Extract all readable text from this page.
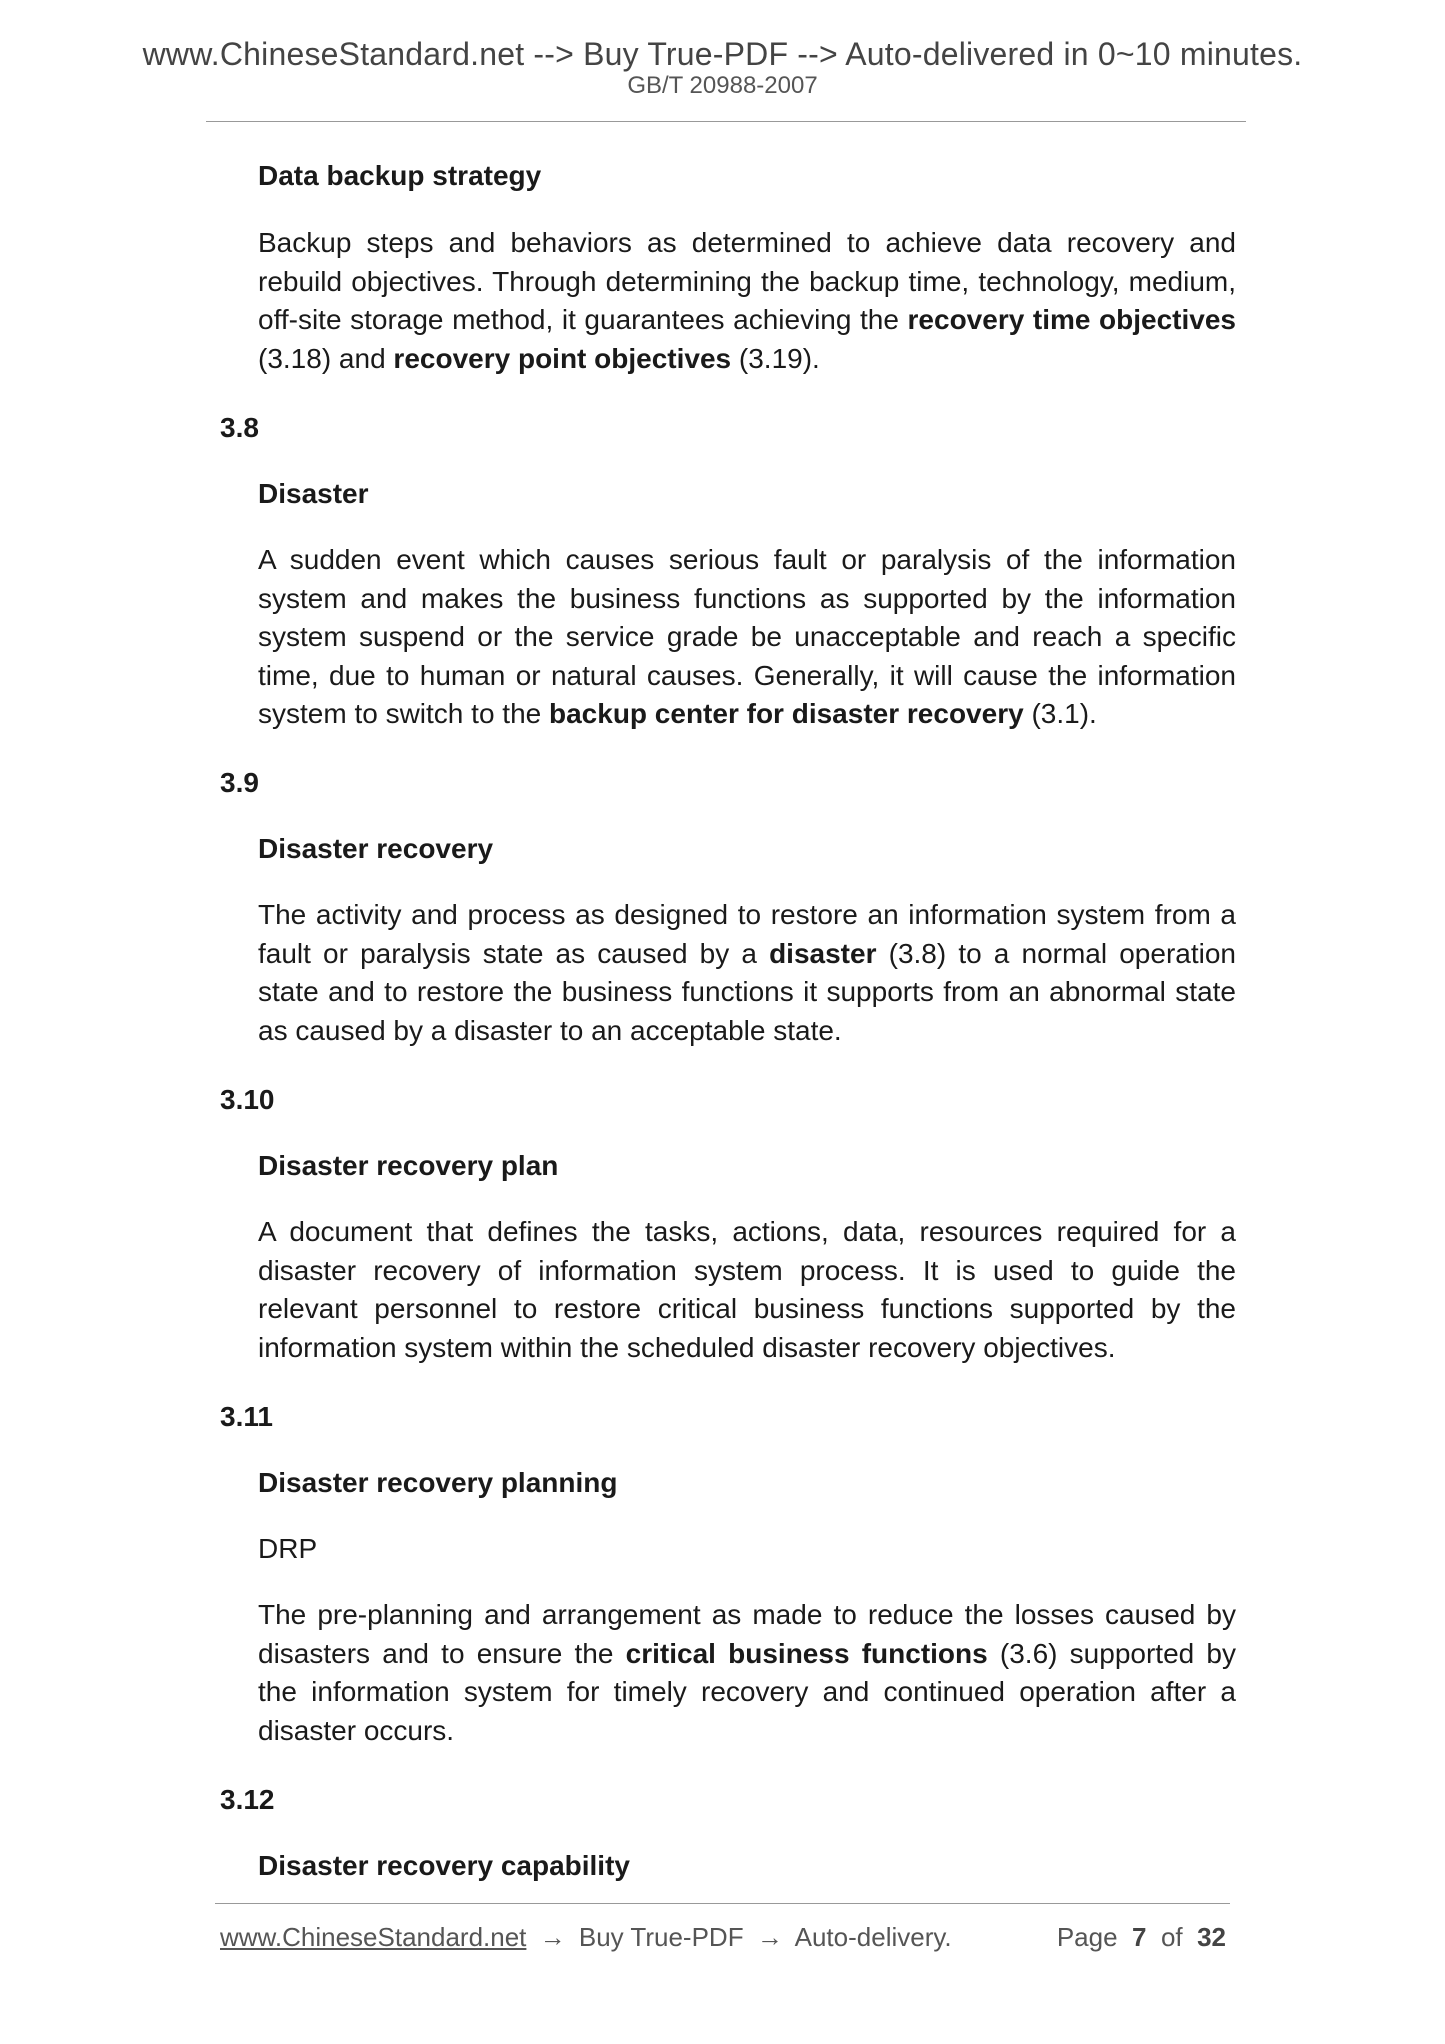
www.ChineseStandard.net --> Buy True-PDF --> Auto-delivered in 0~10 minutes.
GB/T 20988-2007
Data backup strategy
Backup steps and behaviors as determined to achieve data recovery and rebuild objectives. Through determining the backup time, technology, medium, off-site storage method, it guarantees achieving the recovery time objectives (3.18) and recovery point objectives (3.19).
3.8
Disaster
A sudden event which causes serious fault or paralysis of the information system and makes the business functions as supported by the information system suspend or the service grade be unacceptable and reach a specific time, due to human or natural causes. Generally, it will cause the information system to switch to the backup center for disaster recovery (3.1).
3.9
Disaster recovery
The activity and process as designed to restore an information system from a fault or paralysis state as caused by a disaster (3.8) to a normal operation state and to restore the business functions it supports from an abnormal state as caused by a disaster to an acceptable state.
3.10
Disaster recovery plan
A document that defines the tasks, actions, data, resources required for a disaster recovery of information system process. It is used to guide the relevant personnel to restore critical business functions supported by the information system within the scheduled disaster recovery objectives.
3.11
Disaster recovery planning
DRP
The pre-planning and arrangement as made to reduce the losses caused by disasters and to ensure the critical business functions (3.6) supported by the information system for timely recovery and continued operation after a disaster occurs.
3.12
Disaster recovery capability
www.ChineseStandard.net → Buy True-PDF → Auto-delivery.	Page 7 of 32
